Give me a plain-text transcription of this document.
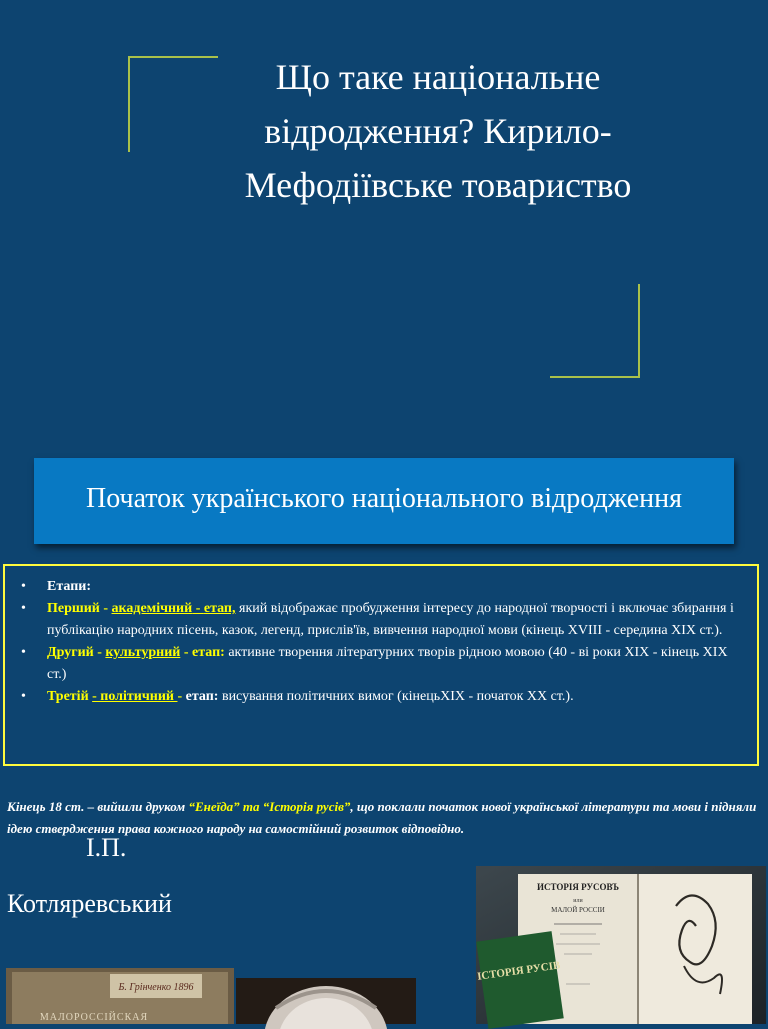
Що таке національне відродження? Кирило-Мефодіївське товариство
Початок українського національного відродження
• Етапи:
• Перший - академічний - етап, який відображає пробудження інтересу до народної творчості і включає збирання і публікацію народних пісень, казок, легенд, прислів'їв, вивчення народної мови (кінець XVIII - середина XIX ст.).
• Другий - культурний - етап: активне творення літературних творів рідною мовою (40 - ві роки XIX - кінець XIX ст.)
• Третій - політичний - етап: висування політичних вимог (кінецьXIX - початок XX ст.).
Кінець 18 ст. – вийшли друком “Енеїда” та “Історія русів”, що поклали початок нової української літератури та мови і підняли ідею ствердження права кожного народу на самостійний розвиток відповідно.
І.П.
Котляревський
ИСТОРІЯ РУСОВЪ
или
МАЛОЙ РОССІИ
ІСТОРІЯ РУСІВ
Б. Грінченко 1896
МАЛОРОССІЙСКАЯ
